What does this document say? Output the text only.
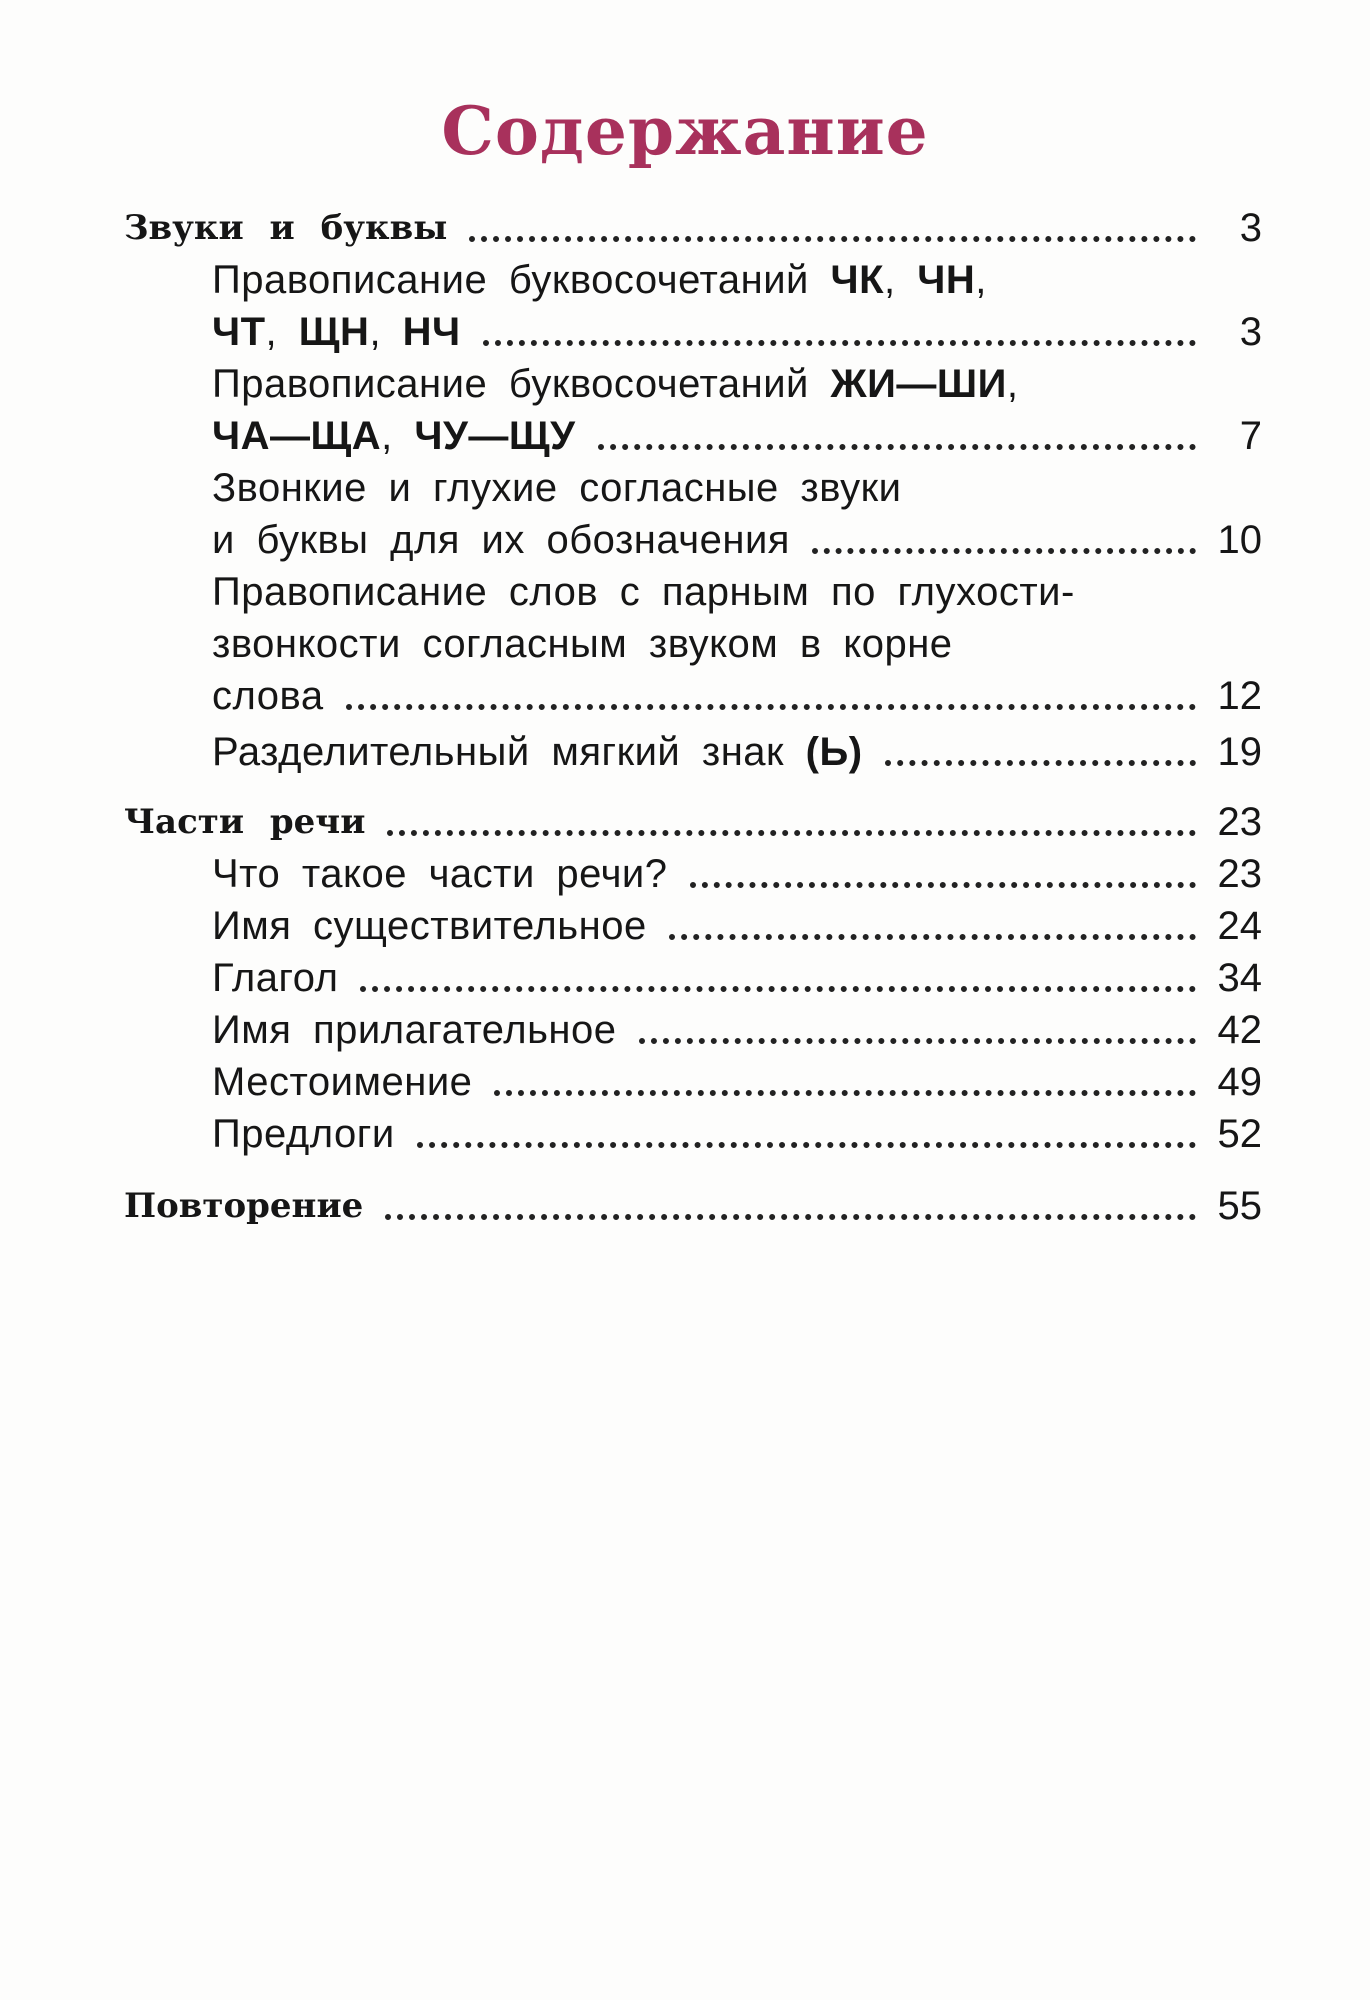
Содержание
Звуки и буквы	3
Правописание буквосочетаний ЧК, ЧН,
ЧТ, ЩН, НЧ	3
Правописание буквосочетаний ЖИ—ШИ,
ЧА—ЩА, ЧУ—ЩУ	7
Звонкие и глухие согласные звуки
и буквы для их обозначения	10
Правописание слов с парным по глухости-
звонкости согласным звуком в корне
слова	12
Разделительный мягкий знак (Ь)	19
Части речи	23
Что такое части речи?	23
Имя существительное	24
Глагол	34
Имя прилагательное	42
Местоимение	49
Предлоги	52
Повторение	55
